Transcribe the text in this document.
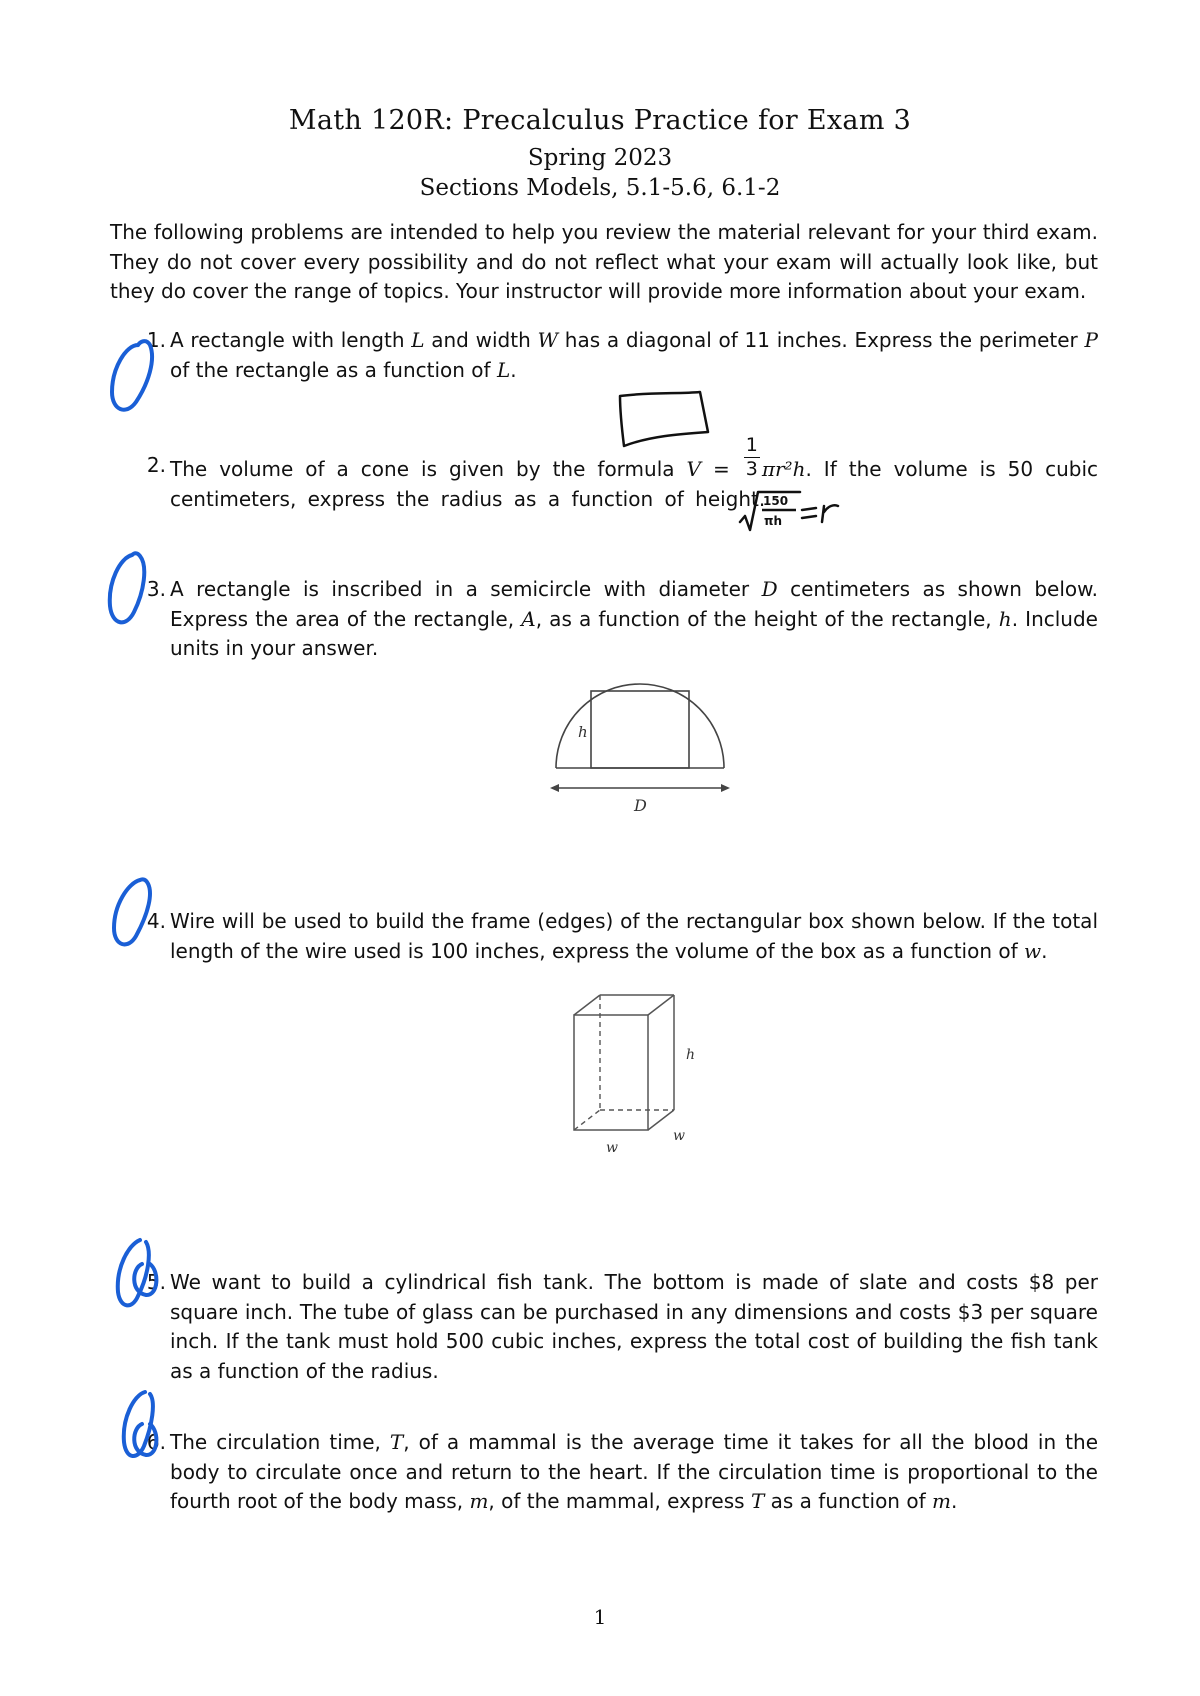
Math 120R: Precalculus Practice for Exam 3
Spring 2023
Sections Models, 5.1-5.6, 6.1-2
The following problems are intended to help you review the material relevant for your third exam. They do not cover every possibility and do not reflect what your exam will actually look like, but they do cover the range of topics. Your instructor will provide more information about your exam.
1. A rectangle with length L and width W has a diagonal of 11 inches. Express the perimeter P of the rectangle as a function of L.
2. The volume of a cone is given by the formula $V = \frac{1}{3} \pi r^2h$. If the volume is 50 cubic centimeters, express the radius as a function of height.
3. A rectangle is inscribed in a semicircle with diameter D centimeters as shown below. Express the area of the rectangle, A, as a function of the height of the rectangle, h. Include units in your answer.
h
D
4. Wire will be used to build the frame (edges) of the rectangular box shown below. If the total length of the wire used is 100 inches, express the volume of the box as a function of w.
h
w
w
5. We want to build a cylindrical fish tank. The bottom is made of slate and costs $8 per square inch. The tube of glass can be purchased in any dimensions and costs $3 per square inch. If the tank must hold 500 cubic inches, express the total cost of building the fish tank as a function of the radius.
6. The circulation time, T, of a mammal is the average time it takes for all the blood in the body to circulate once and return to the heart. If the circulation time is proportional to the fourth root of the body mass, m, of the mammal, express T as a function of m.
150
πh
1
